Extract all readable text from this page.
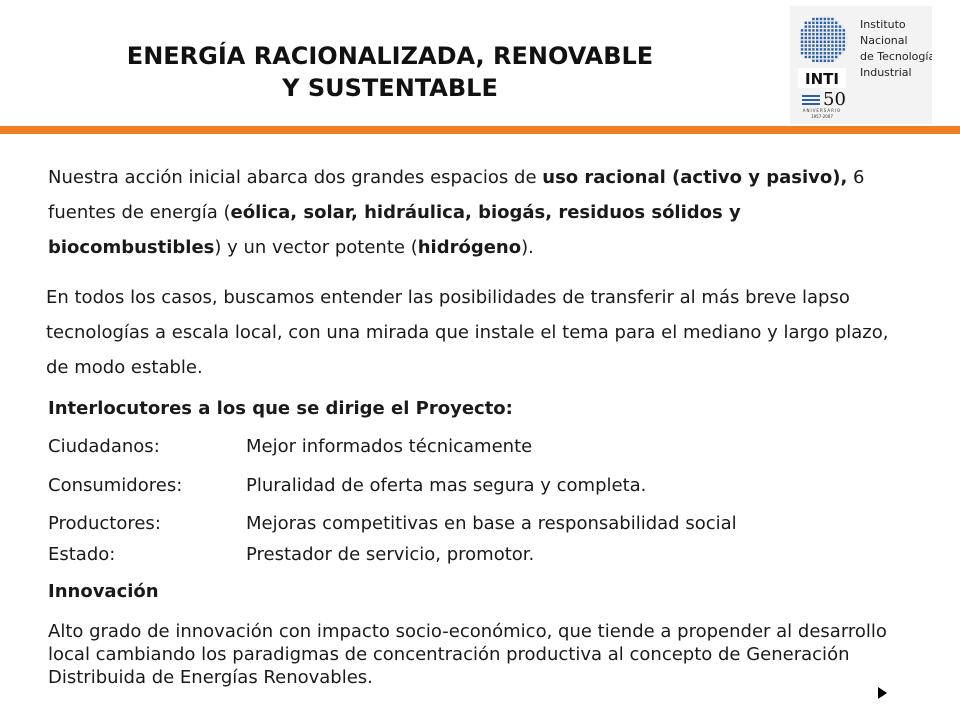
ENERGÍA RACIONALIZADA, RENOVABLE
Y SUSTENTABLE	INTI
50
ANIVERSARIO
1957-2007
Instituto
Nacional
de Tecnología
Industrial
Nuestra acción inicial abarca dos grandes espacios de uso racional (activo y pasivo), 6 fuentes de energía (eólica, solar, hidráulica, biogás, residuos sólidos y biocombustibles) y un vector potente (hidrógeno).
En todos los casos, buscamos entender las posibilidades de transferir al más breve lapso tecnologías a escala local, con una mirada que instale el tema para el mediano y largo plazo, de modo estable.
Interlocutores a los que se dirige el Proyecto:
Ciudadanos:	Mejor informados técnicamente
Consumidores:	Pluralidad de oferta mas segura y completa.
Productores:	Mejoras competitivas en base a responsabilidad social
Estado:	Prestador de servicio, promotor.
Innovación
Alto grado de innovación con impacto socio-económico, que tiende a propender al desarrollo local cambiando los paradigmas de concentración productiva al concepto de Generación Distribuida de Energías Renovables.
